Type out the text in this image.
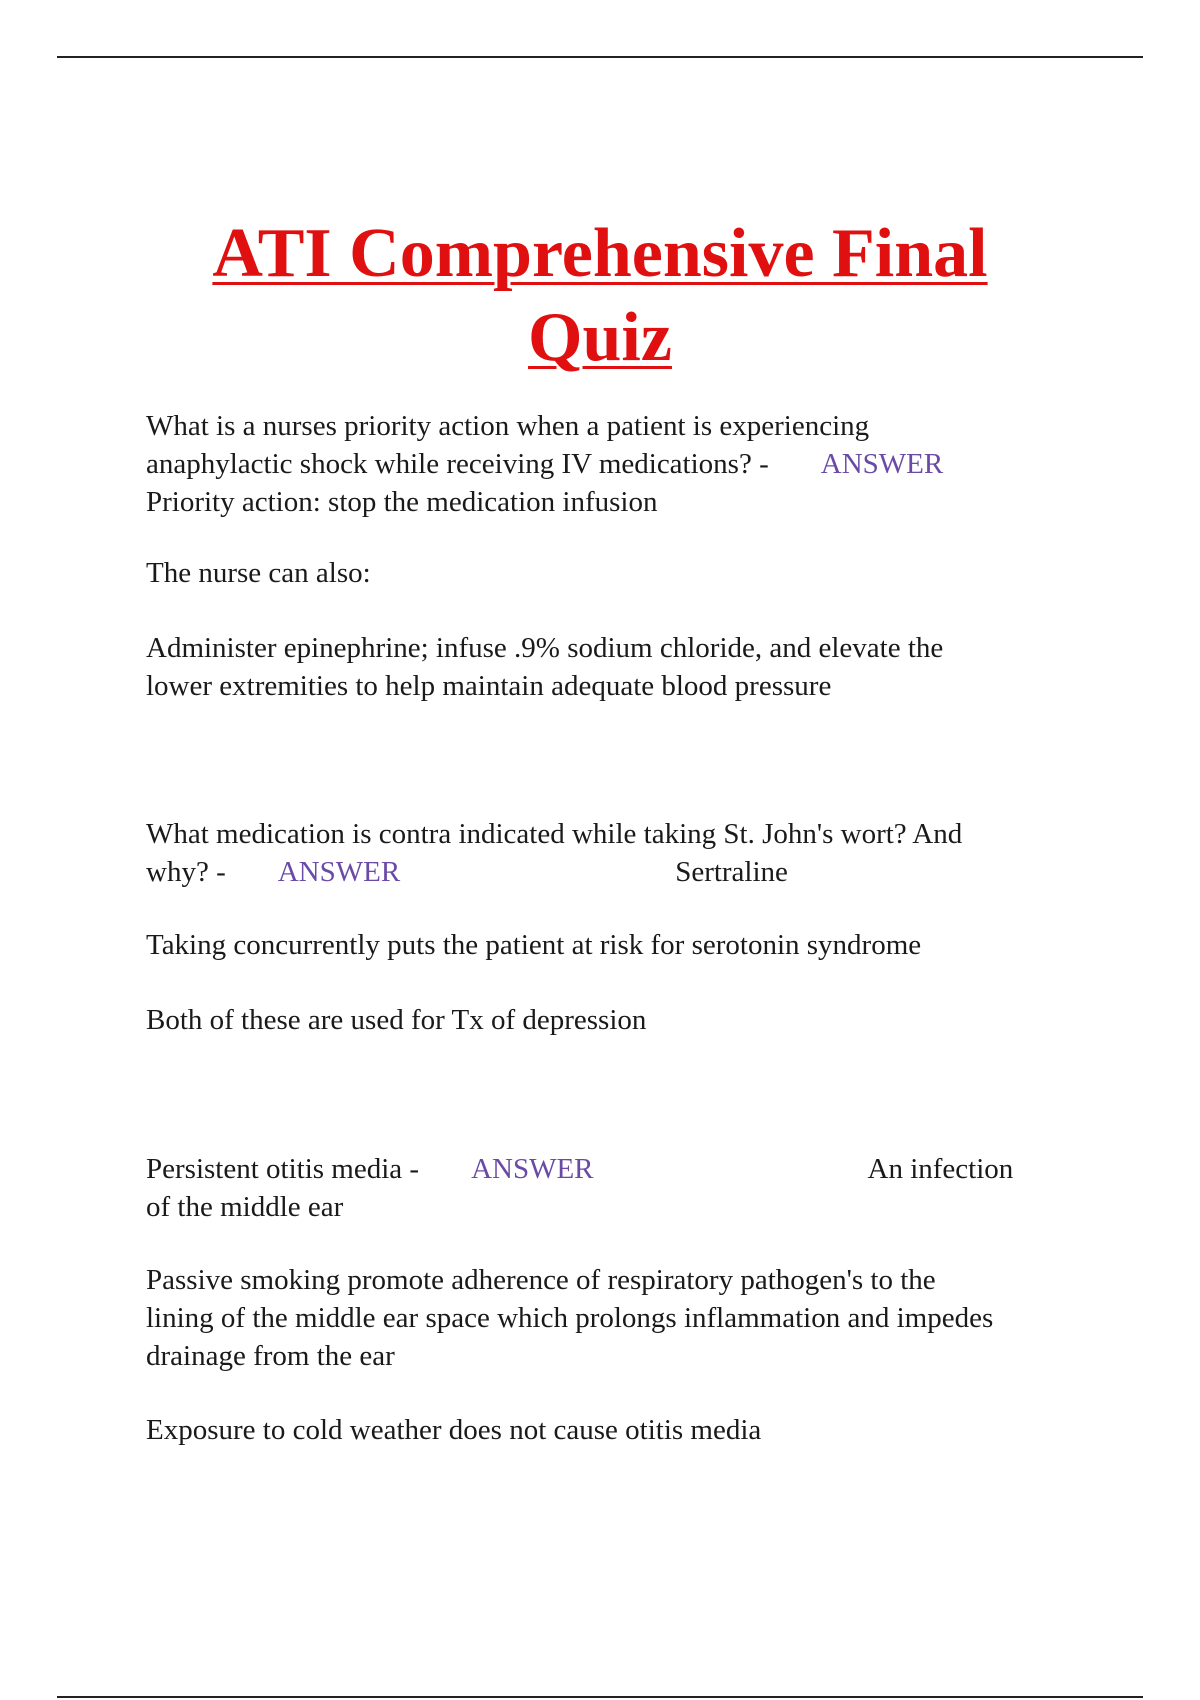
ATI Comprehensive Final
Quiz
What is a nurses priority action when a patient is experiencing
anaphylactic shock while receiving IV medications? - ANSWER
Priority action: stop the medication infusion
The nurse can also:
Administer epinephrine; infuse .9% sodium chloride, and elevate the
lower extremities to help maintain adequate blood pressure
What medication is contra indicated while taking St. John's wort? And
why? - ANSWER	Sertraline
Taking concurrently puts the patient at risk for serotonin syndrome
Both of these are used for Tx of depression
Persistent otitis media - ANSWER	An infection
of the middle ear
Passive smoking promote adherence of respiratory pathogen's to the
lining of the middle ear space which prolongs inflammation and impedes
drainage from the ear
Exposure to cold weather does not cause otitis media
